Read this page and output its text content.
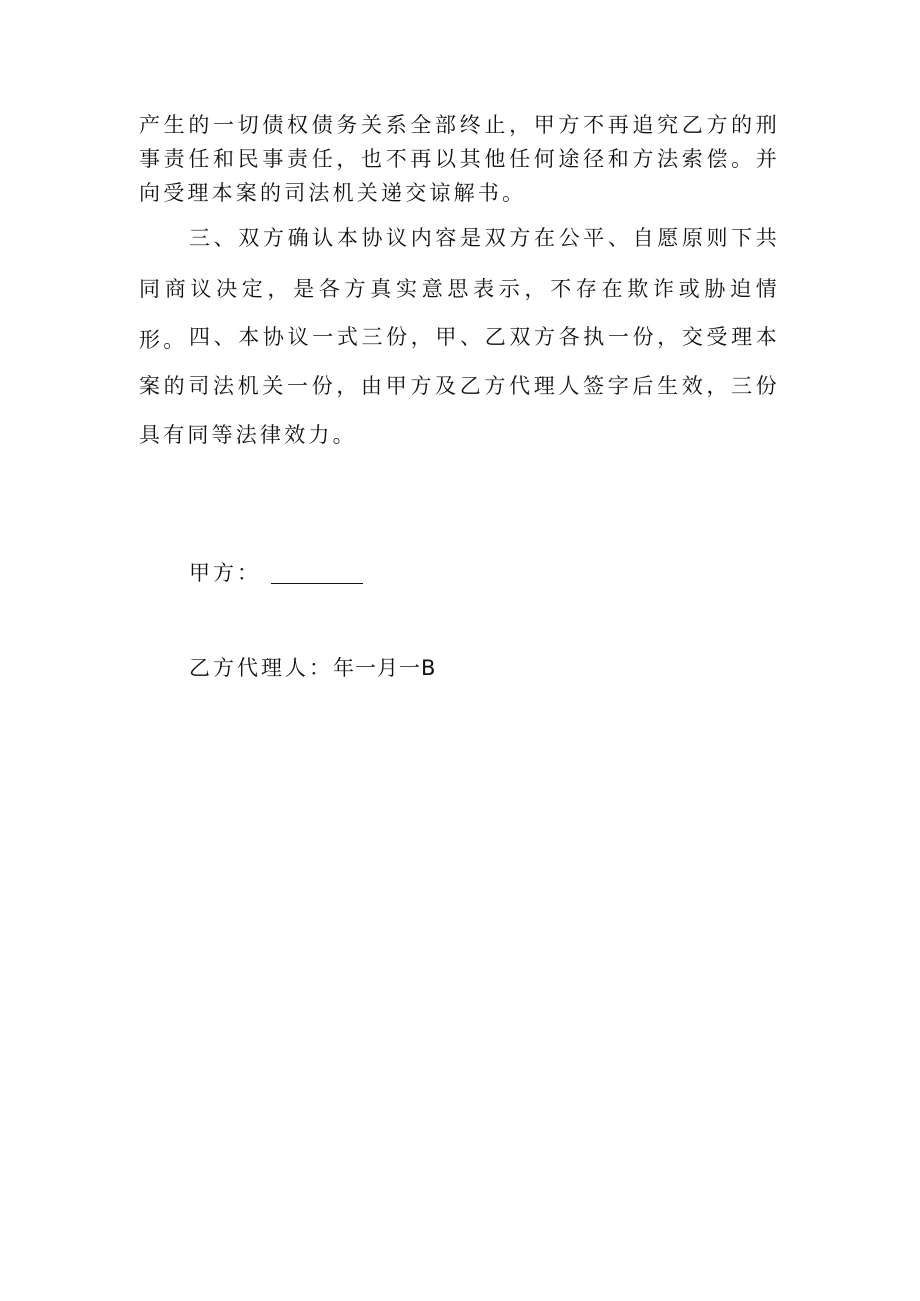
产生的一切债权债务关系全部终止，甲方不再追究乙方的刑事责任和民事责任，也不再以其他任何途径和方法索偿。并向受理本案的司法机关递交谅解书。

三、双方确认本协议内容是双方在公平、自愿原则下共同商议决定，是各方真实意思表示，不存在欺诈或胁迫情形。 四、本协议一式三份，甲、乙双方各执一份，交受理本案的司法机关一份，由甲方及乙方代理人签字后生效，三份具有同等法律效力。

甲方：
乙方代理人：年一月一B
